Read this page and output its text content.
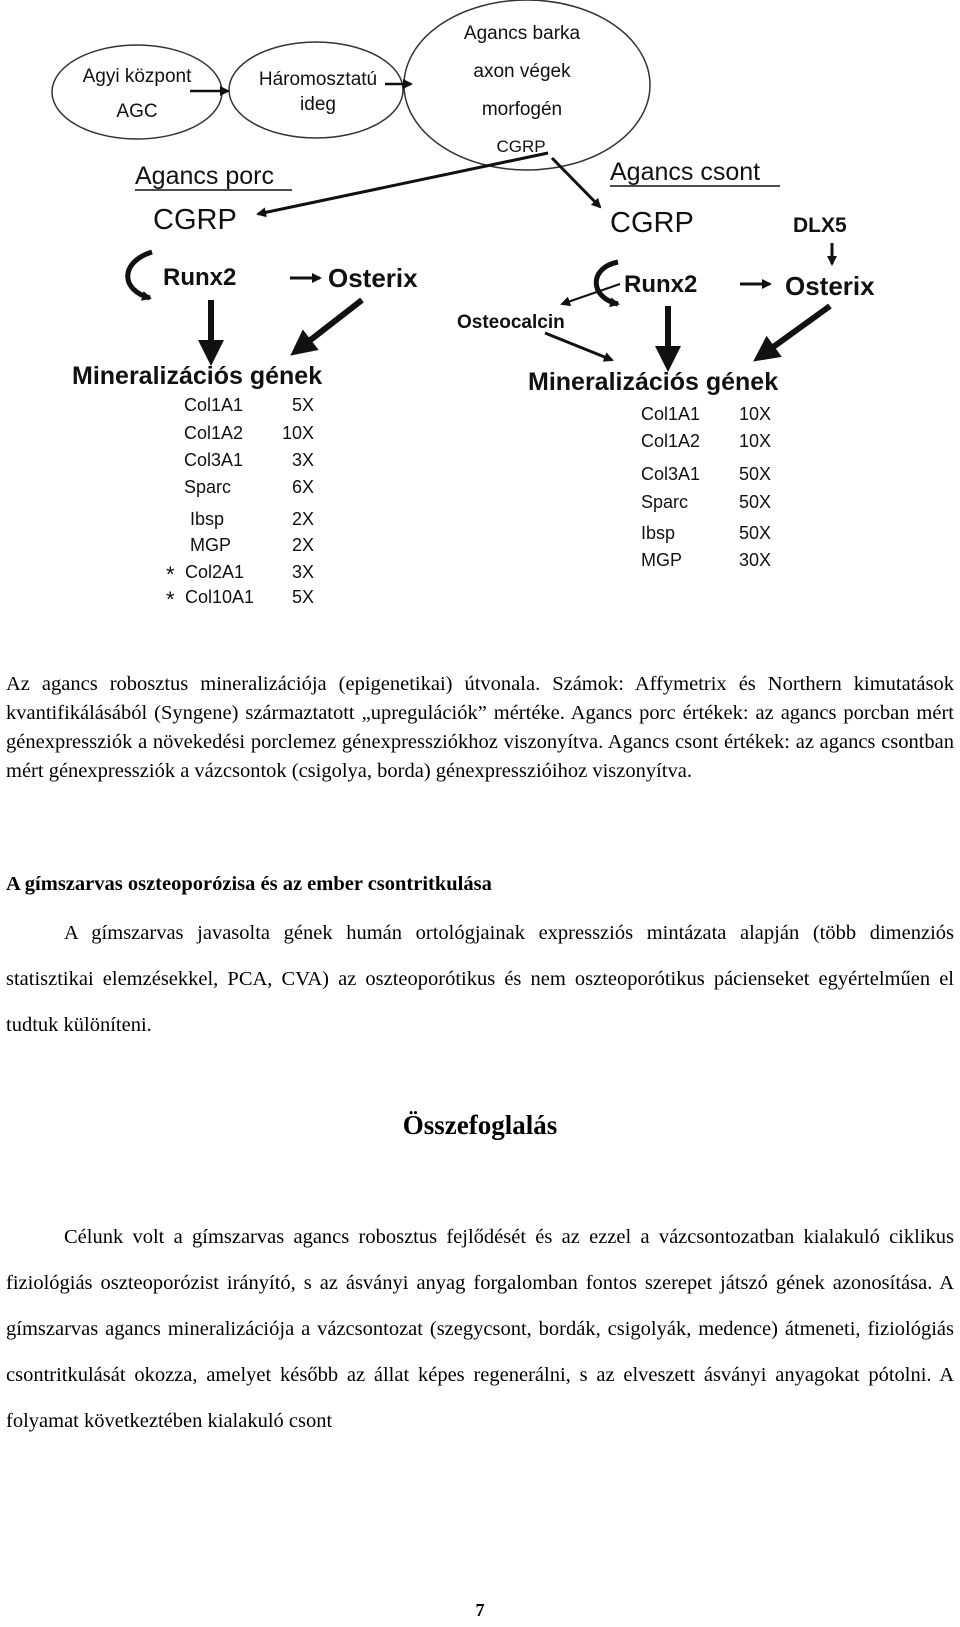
Agyi központ
AGC
Háromosztatú
ideg
Agancs barka
axon végek
morfogén
CGRP
Agancs porc
CGRP
Runx2	Osterix
Mineralizációs gének
Col1A1	5X
Col1A2 10X
Col3A1	3X
Sparc	6X
Ibsp	2X
MGP	2X
* Col2A1	3X
* Col10A1 5X
Agancs csont
CGRP	DLX5
Runx2	Osterix
Osteocalcin
Mineralizációs gének
Col1A1 10X
Col1A2 10X
Col3A1 50X
Sparc	50X
Ibsp	50X
MGP	30X

Az agancs robosztus mineralizációja (epigenetikai) útvonala. Számok: Affymetrix és Northern kimutatások kvantifikálásából (Syngene) származtatott „upregulációk” mértéke. Agancs porc értékek: az agancs porcban mért génexpressziók a növekedési porclemez génexpressziókhoz viszonyítva. Agancs csont értékek: az agancs csontban mért génexpressziók a vázcsontok (csigolya, borda) génexpresszióihoz viszonyítva.

A gímszarvas oszteoporózisa és az ember csontritkulása

A gímszarvas javasolta gének humán ortológjainak expressziós mintázata alapján (több dimenziós statisztikai elemzésekkel, PCA, CVA) az oszteoporótikus és nem oszteoporótikus pácienseket egyértelműen el tudtuk különíteni.

Összefoglalás

Célunk volt a gímszarvas agancs robosztus fejlődését és az ezzel a vázcsontozatban kialakuló ciklikus fiziológiás oszteoporózist irányító, s az ásványi anyag forgalomban fontos szerepet játszó gének azonosítása. A gímszarvas agancs mineralizációja a vázcsontozat (szegycsont, bordák, csigolyák, medence) átmeneti, fiziológiás csontritkulását okozza, amelyet később az állat képes regenerálni, s az elveszett ásványi anyagokat pótolni. A folyamat következtében kialakuló csont

7
